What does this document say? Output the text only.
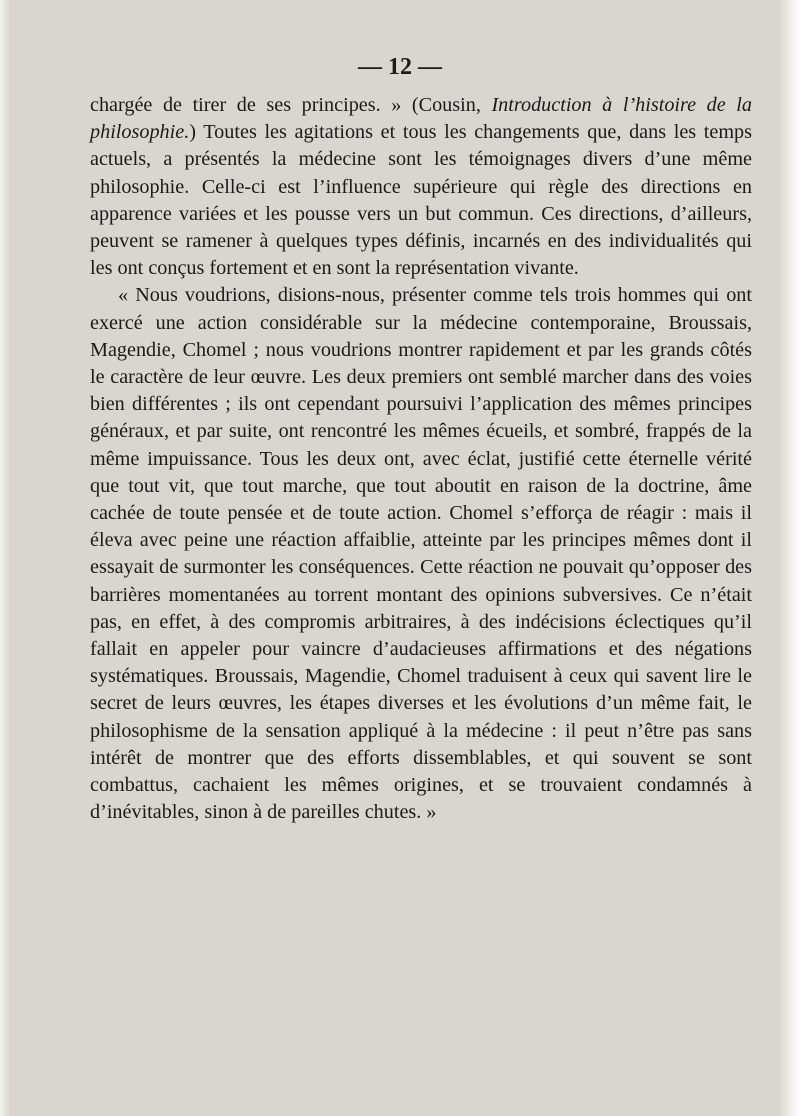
— 12 —

chargée de tirer de ses principes. » (Cousin, Introduction à l’histoire de la philosophie.) Toutes les agitations et tous les changements que, dans les temps actuels, a présentés la médecine sont les témoignages divers d’une même philosophie. Celle-ci est l’influence supérieure qui règle des directions en apparence variées et les pousse vers un but commun. Ces directions, d’ailleurs, peuvent se ramener à quelques types définis, incarnés en des individualités qui les ont conçus fortement et en sont la représentation vivante.

« Nous voudrions, disions-nous, présenter comme tels trois hommes qui ont exercé une action considérable sur la médecine contemporaine, Broussais, Magendie, Chomel ; nous voudrions montrer rapidement et par les grands côtés le caractère de leur œuvre. Les deux premiers ont semblé marcher dans des voies bien différentes ; ils ont cependant poursuivi l’application des mêmes principes généraux, et par suite, ont rencontré les mêmes écueils, et sombré, frappés de la même impuissance. Tous les deux ont, avec éclat, justifié cette éternelle vérité que tout vit, que tout marche, que tout aboutit en raison de la doctrine, âme cachée de toute pensée et de toute action. Chomel s’efforça de réagir : mais il éleva avec peine une réaction affaiblie, atteinte par les principes mêmes dont il essayait de surmonter les conséquences. Cette réaction ne pouvait qu’opposer des barrières momentanées au torrent montant des opinions subversives. Ce n’était pas, en effet, à des compromis arbitraires, à des indécisions éclectiques qu’il fallait en appeler pour vaincre d’audacieuses affirmations et des négations systématiques. Broussais, Magendie, Chomel traduisent à ceux qui savent lire le secret de leurs œuvres, les étapes diverses et les évolutions d’un même fait, le philosophisme de la sensation appliqué à la médecine : il peut n’être pas sans intérêt de montrer que des efforts dissemblables, et qui souvent se sont combattus, cachaient les mêmes origines, et se trouvaient condamnés à d’inévitables, sinon à de pareilles chutes. »
